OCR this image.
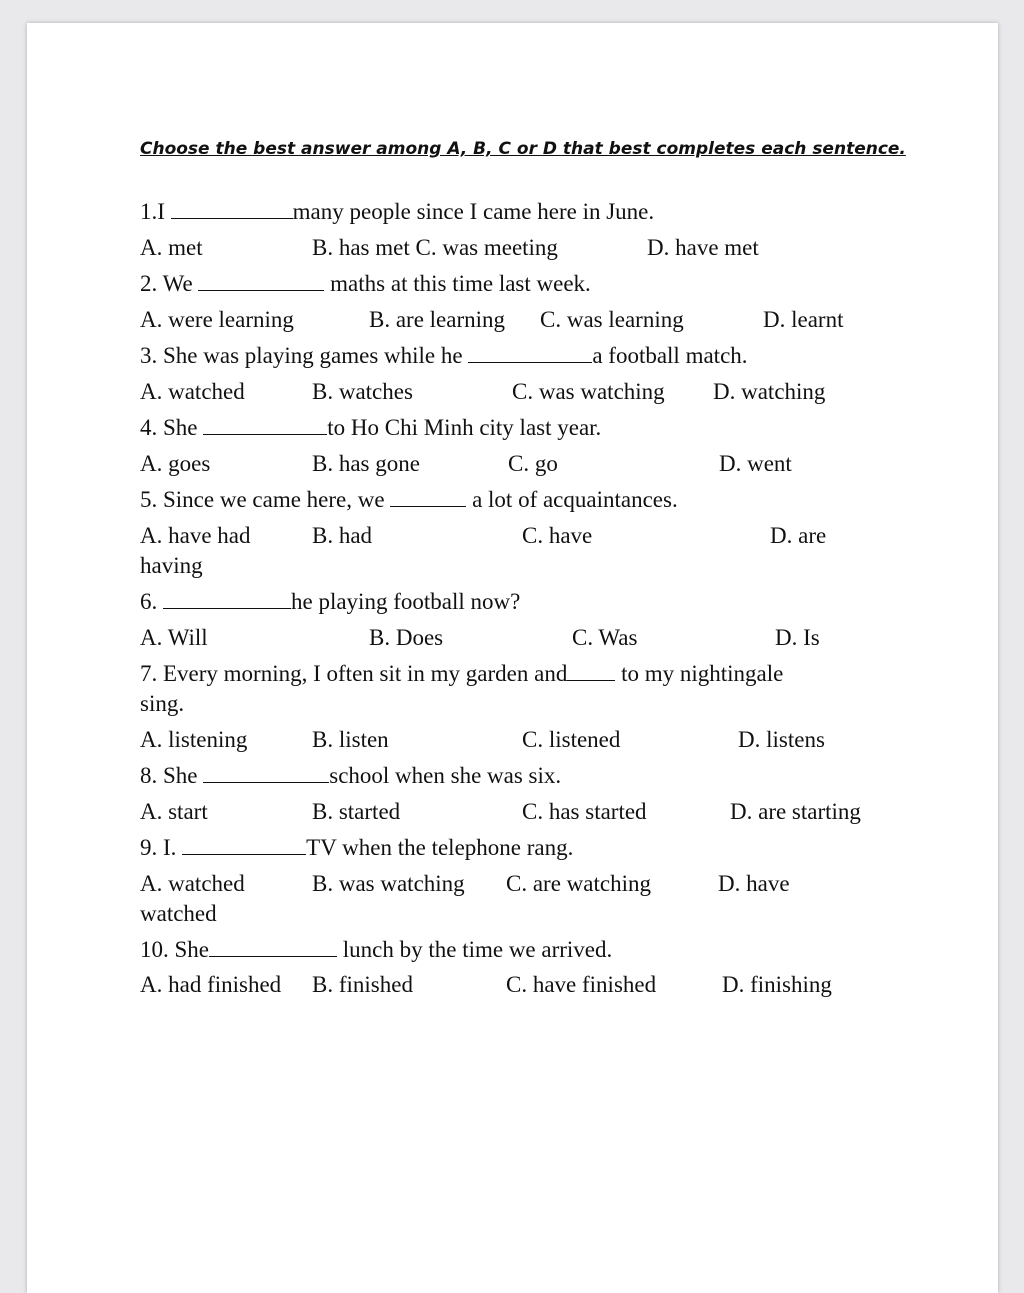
Choose the best answer among A, B, C or D that best completes each sentence.

1.I	many people since I came here in June.

A. met	B. has met C. was meeting	D. have met

2. We	maths at this time last week.

A. were learning	B. are learning C. was learning	D. learnt

3. She was playing games while he	a football match.

A. watched	B. watches	C. was watching D. watching

4. She	to Ho Chi Minh city last year.

A. goes	B. has gone	C. go	D. went

5. Since we came here, we	a lot of acquaintances.

A. have had	B. had	C. have	D. are

having

6.	he playing football now?

A. Will	B. Does	C. Was	D. Is

7. Every morning, I often sit in my garden and to my nightingale

sing.

A. listening	B. listen	C. listened	D. listens

8. She	school when she was six.

A. start	B. started	C. has started	D. are starting

9. I.	TV when the telephone rang.

A. watched	B. was watching C. are watching	D. have

watched

10. She	lunch by the time we arrived.

A. had finished B. finished	C. have finished	D. finishing
